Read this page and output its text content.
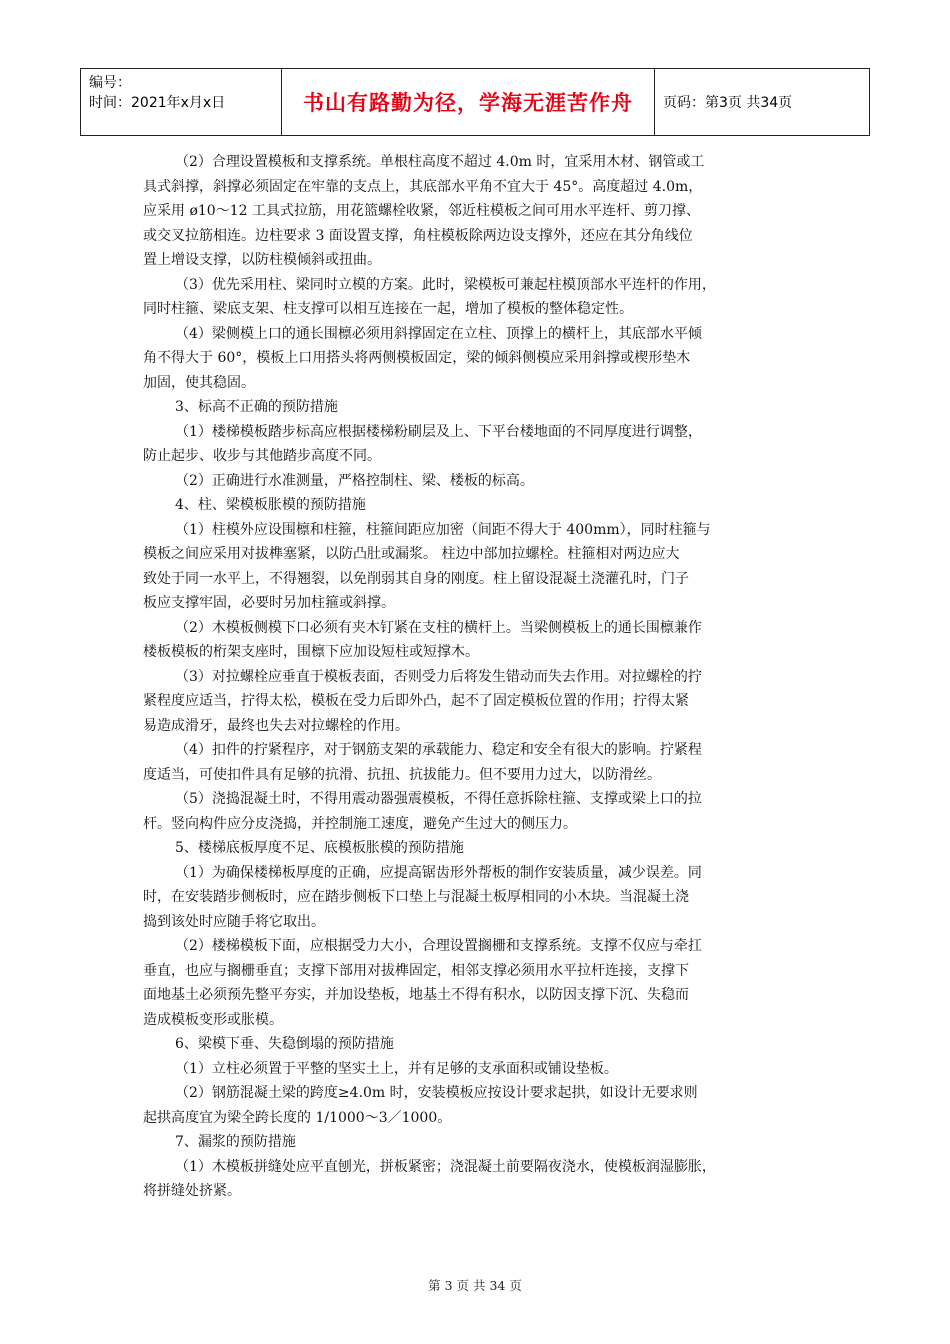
编号：
时间：2021年x月x日	书山有路勤为径，学海无涯苦作舟 页码：第3页 共34页
（2）合理设置模板和支撑系统。单根柱高度不超过 4.0m 时，宜采用木材、钢管或工
具式斜撑，斜撑必须固定在牢靠的支点上，其底部水平角不宜大于 45°。高度超过 4.0m，
应采用 ø10～12 工具式拉筋，用花篮螺栓收紧，邻近柱模板之间可用水平连杆、剪刀撑、
或交叉拉筋相连。边柱要求 3 面设置支撑，角柱模板除两边设支撑外，还应在其分角线位
置上增设支撑，以防柱模倾斜或扭曲。
（3）优先采用柱、梁同时立模的方案。此时，梁模板可兼起柱模顶部水平连杆的作用，
同时柱箍、梁底支架、柱支撑可以相互连接在一起，增加了模板的整体稳定性。
（4）梁侧模上口的通长围檩必须用斜撑固定在立柱、顶撑上的横杆上，其底部水平倾
角不得大于 60°，模板上口用搭头将两侧模板固定，梁的倾斜侧模应采用斜撑或楔形垫木
加固，使其稳固。
3、标高不正确的预防措施
（1）楼梯模板踏步标高应根据楼梯粉刷层及上、下平台楼地面的不同厚度进行调整，
防止起步、收步与其他踏步高度不同。
（2）正确进行水准测量，严格控制柱、梁、楼板的标高。
4、柱、梁模板胀模的预防措施
（1）柱模外应设围檩和柱箍，柱箍间距应加密（间距不得大于 400mm），同时柱箍与
模板之间应采用对拔榫塞紧，以防凸肚或漏浆。 柱边中部加拉螺栓。柱箍相对两边应大
致处于同一水平上，不得翘裂，以免削弱其自身的刚度。柱上留设混凝土浇灌孔时，门子
板应支撑牢固，必要时另加柱箍或斜撑。
（2）木模板侧模下口必须有夹木钉紧在支柱的横杆上。当梁侧模板上的通长围檩兼作
楼板模板的桁架支座时，围檩下应加设短柱或短撑木。
（3）对拉螺栓应垂直于模板表面，否则受力后将发生错动而失去作用。对拉螺栓的拧
紧程度应适当，拧得太松，模板在受力后即外凸，起不了固定模板位置的作用；拧得太紧
易造成滑牙，最终也失去对拉螺栓的作用。
（4）扣件的拧紧程序，对于钢筋支架的承载能力、稳定和安全有很大的影响。拧紧程
度适当，可使扣件具有足够的抗滑、抗扭、抗拔能力。但不要用力过大，以防滑丝。
（5）浇捣混凝土时，不得用震动器强震模板，不得任意拆除柱箍、支撑或梁上口的拉
杆。竖向构件应分皮浇捣，并控制施工速度，避免产生过大的侧压力。
5、楼梯底板厚度不足、底模板胀模的预防措施
（1）为确保楼梯板厚度的正确，应提高锯齿形外帮板的制作安装质量，减少误差。同
时，在安装踏步侧板时，应在踏步侧板下口垫上与混凝土板厚相同的小木块。当混凝土浇
捣到该处时应随手将它取出。
（2）楼梯模板下面，应根据受力大小，合理设置搁栅和支撑系统。支撑不仅应与牵扛
垂直，也应与搁栅垂直；支撑下部用对拔榫固定，相邻支撑必须用水平拉杆连接，支撑下
面地基土必须预先整平夯实，并加设垫板，地基土不得有积水，以防因支撑下沉、失稳而
造成模板变形或胀模。
6、梁模下垂、失稳倒塌的预防措施
（1）立柱必须置于平整的坚实土上，并有足够的支承面积或铺设垫板。
（2）钢筋混凝土梁的跨度≥4.0m 时，安装模板应按设计要求起拱，如设计无要求则
起拱高度宜为梁全跨长度的 1/1000～3／1000。
7、漏浆的预防措施
（1）木模板拼缝处应平直刨光，拼板紧密；浇混凝土前要隔夜浇水，使模板润湿膨胀，
将拼缝处挤紧。
第 3 页 共 34 页
